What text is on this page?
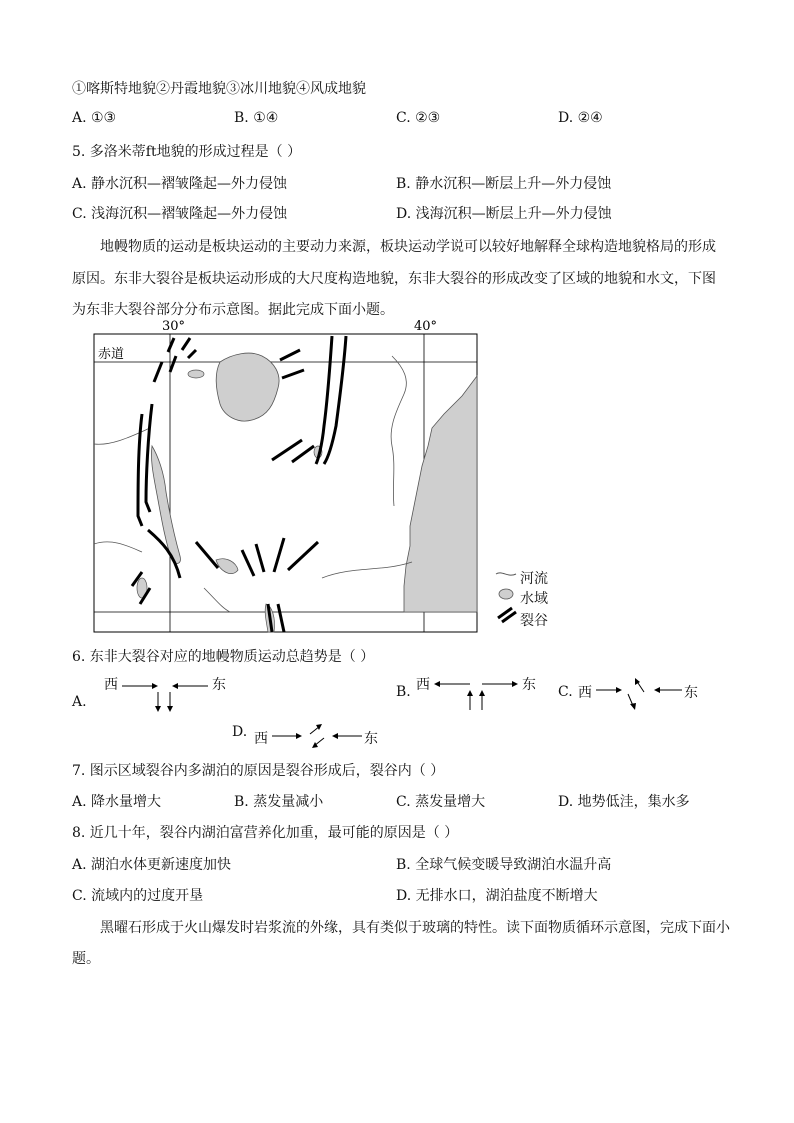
①喀斯特地貌②丹霞地貌③冰川地貌④风成地貌
A. ①③	B. ①④	C. ②③	D. ②④
5. 多洛米蒂ft地貌的形成过程是（ ）
A. 静水沉积—褶皱隆起—外力侵蚀	B. 静水沉积—断层上升—外力侵蚀
C. 浅海沉积—褶皱隆起—外力侵蚀	D. 浅海沉积—断层上升—外力侵蚀
地幔物质的运动是板块运动的主要动力来源，板块运动学说可以较好地解释全球构造地貌格局的形成
原因。东非大裂谷是板块运动形成的大尺度构造地貌，东非大裂谷的形成改变了区域的地貌和水文，下图
为东非大裂谷部分分布示意图。据此完成下面小题。
30°	40°
赤道
河流
水域
裂谷
6. 东非大裂谷对应的地幔物质运动总趋势是（ ）
A.
西	东	B. 西	东 C. 西	东
D. 西	东
7. 图示区域裂谷内多湖泊的原因是裂谷形成后，裂谷内（ ）
A. 降水量增大	B. 蒸发量减小	C. 蒸发量增大	D. 地势低洼，集水多
8. 近几十年，裂谷内湖泊富营养化加重，最可能的原因是（ ）
A. 湖泊水体更新速度加快	B. 全球气候变暖导致湖泊水温升高
C. 流域内的过度开垦	D. 无排水口，湖泊盐度不断增大
黑曜石形成于火山爆发时岩浆流的外缘，具有类似于玻璃的特性。读下面物质循环示意图，完成下面小
题。
